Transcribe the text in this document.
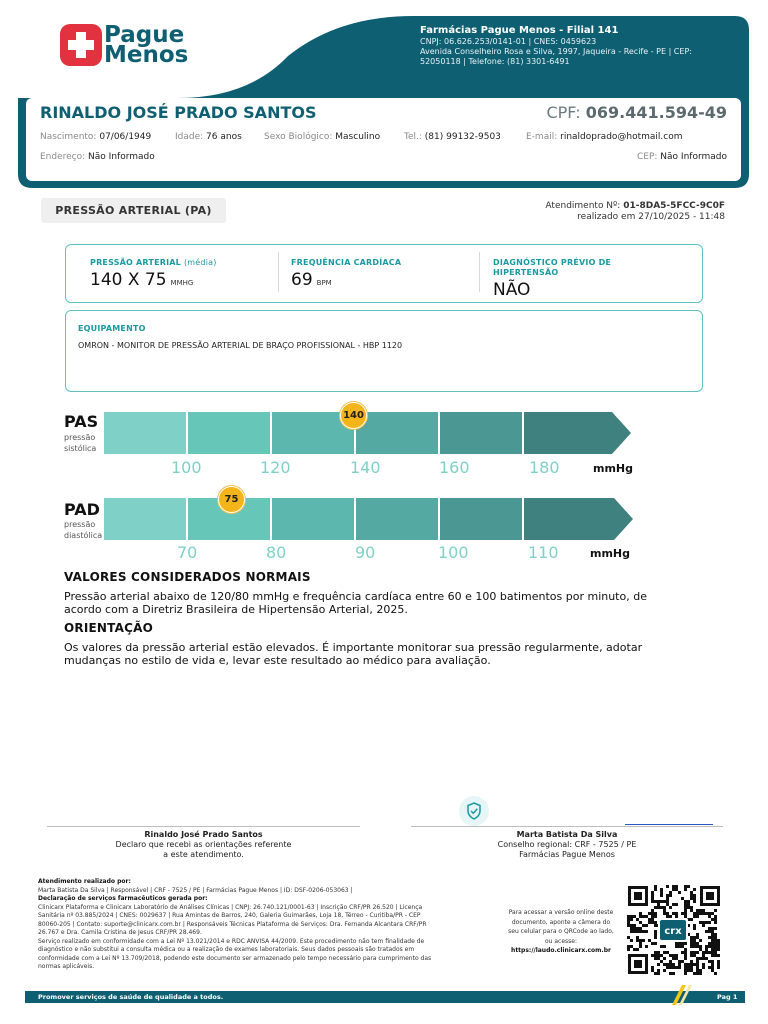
Pague
Menos
Farmácias Pague Menos - Filial 141
CNPJ: 06.626.253/0141-01 | CNES: 0459623
Avenida Conselheiro Rosa e Silva, 1997, Jaqueira - Recife - PE | CEP:
52050118 | Telefone: (81) 3301-6491
RINALDO JOSÉ PRADO SANTOS	CPF: 069.441.594-49
Nascimento: 07/06/1949	Idade: 76 anos Sexo Biológico: Masculino	Tel.: (81) 99132-9503	E-mail: rinaldoprado@hotmail.com
Endereço: Não Informado	CEP: Não Informado
PRESSÃO ARTERIAL (PA)	Atendimento Nº: 01-8DA5-5FCC-9C0F
realizado em 27/10/2025 - 11:48
PRESSÃO ARTERIAL (média)
140 X 75 MMHG
FREQUÊNCIA CARDÍACA
69 BPM
DIAGNÓSTICO PRÉVIO DE
HIPERTENSÃO
NÃO
EQUIPAMENTO
OMRON - MONITOR DE PRESSÃO ARTERIAL DE BRAÇO PROFISSIONAL - HBP 1120
PAS
pressão
sistólica
140
100	120	140	160	180	mmHg
PAD
pressão
diastólica
75
70	80	90	100	110	mmHg
VALORES CONSIDERADOS NORMAIS
Pressão arterial abaixo de 120/80 mmHg e frequência cardíaca entre 60 e 100 batimentos por minuto, de
acordo com a Diretriz Brasileira de Hipertensão Arterial, 2025.
ORIENTAÇÃO
Os valores da pressão arterial estão elevados. É importante monitorar sua pressão regularmente, adotar
mudanças no estilo de vida e, levar este resultado ao médico para avaliação.
Rinaldo José Prado Santos
Declaro que recebi as orientações referente
a este atendimento.
Marta Batista Da Silva
Conselho regional: CRF - 7525 / PE
Farmácias Pague Menos
Atendimento realizado por:
Marta Batista Da Silva | Responsável | CRF - 7525 / PE | Farmácias Pague Menos | ID: DSF-0206-053063 |
Declaração de serviços farmacêuticos gerada por:
Clinicarx Plataforma e Clinicarx Laboratório de Análises Clínicas | CNPJ: 26.740.121/0001-63 | Inscrição CRF/PR 26.520 | Licença
Sanitária nº 03.885/2024 | CNES: 0029637 | Rua Amintas de Barros, 240, Galeria Guimarães, Loja 18, Térreo - Curitiba/PR - CEP
80060-205 | Contato: suporte@clinicarx.com.br | Responsáveis Técnicas Plataforma de Serviços: Dra. Fernanda Alcantara CRF/PR
26.767 e Dra. Camila Cristina de Jesus CRF/PR 28.469.
Serviço realizado em conformidade com a Lei Nº 13.021/2014 e RDC ANVISA 44/2009. Este procedimento não tem finalidade de
diagnóstico e não substitui a consulta médica ou a realização de exames laboratoriais. Seus dados pessoais são tratados em
conformidade com a Lei Nº 13.709/2018, podendo este documento ser armazenado pelo tempo necessário para cumprimento das
normas aplicáveis.
Para acessar a versão online deste
documento, aponte a câmera do
seu celular para o QRCode ao lado,
ou acesse:
https://laudo.clinicarx.com.br
crx
Promover serviços de saúde de qualidade a todos.	Pag 1
